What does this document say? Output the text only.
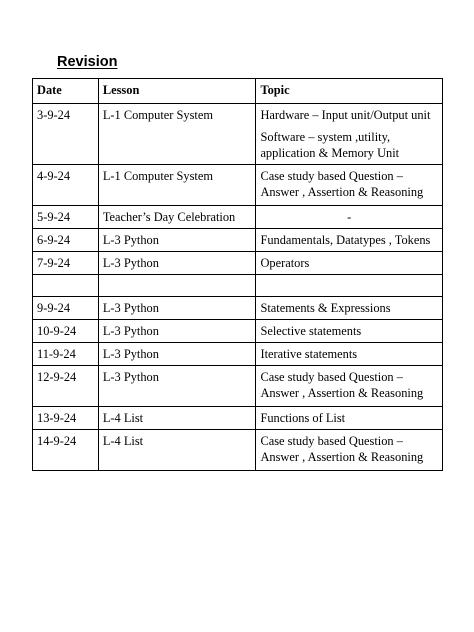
Revision
Date	Lesson	Topic
3-9-24	L-1 Computer System	Hardware – Input unit/Output unit
Software – system ,utility, application & Memory Unit

4-9-24	L-1 Computer System	Case study based Question – Answer , Assertion & Reasoning
5-9-24	Teacher’s Day Celebration	-
6-9-24	L-3 Python	Fundamentals, Datatypes , Tokens
7-9-24	L-3 Python	Operators

9-9-24	L-3 Python	Statements & Expressions
10-9-24	L-3 Python	Selective statements
11-9-24	L-3 Python	Iterative statements
12-9-24	L-3 Python	Case study based Question – Answer , Assertion & Reasoning
13-9-24	L-4 List	Functions of List
14-9-24	L-4 List	Case study based Question – Answer , Assertion & Reasoning
